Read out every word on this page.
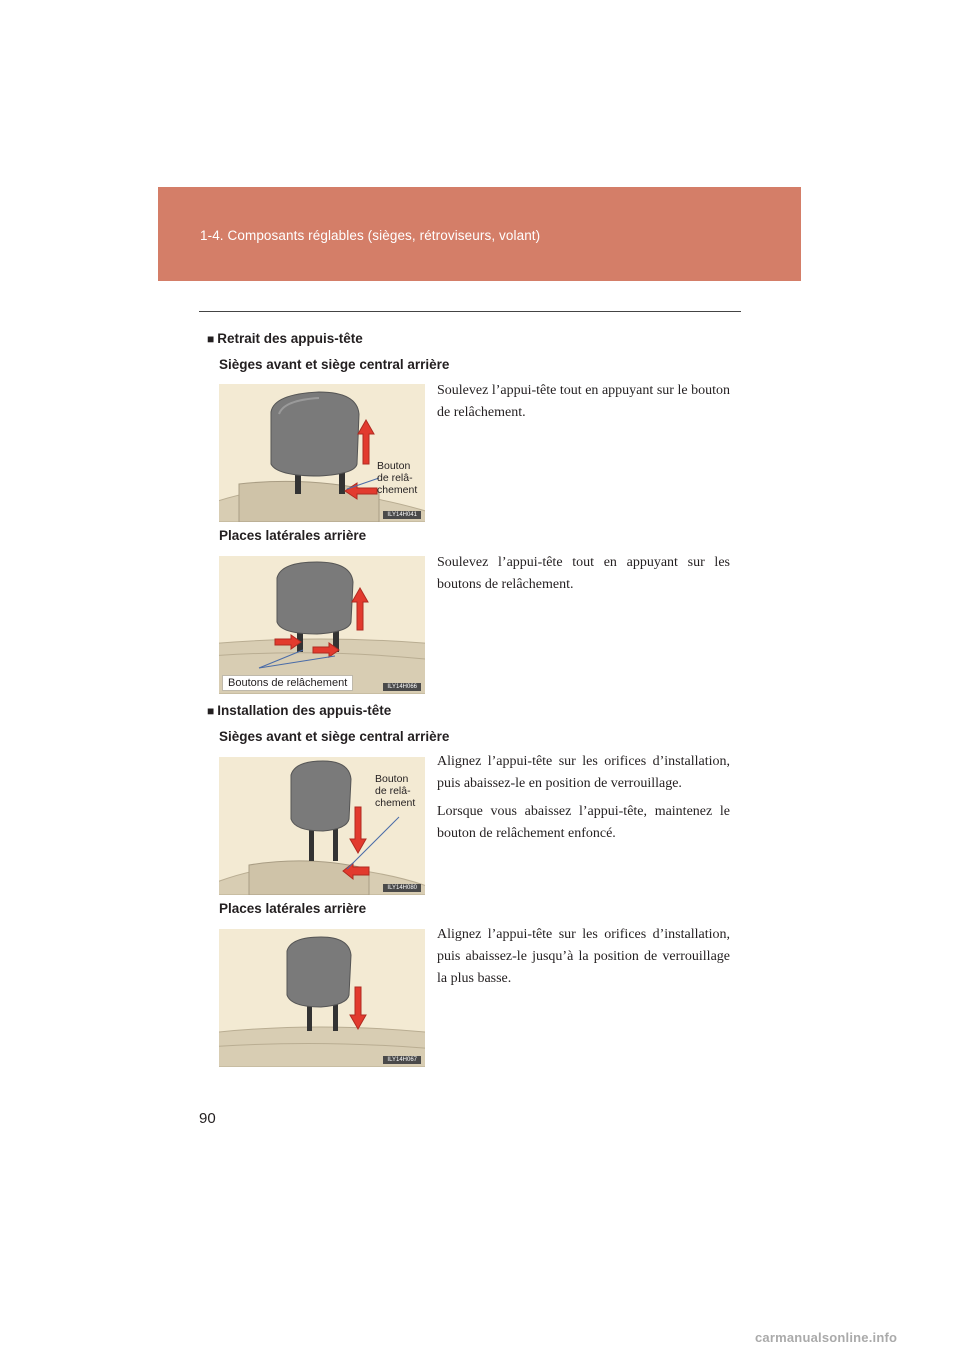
1-4. Composants réglables (sièges, rétroviseurs, volant)
■ Retrait des appuis-tête
Sièges avant et siège central arrière
Bouton
de relâ-
chement
ILY14H041

Soulevez l’appui-tête tout en appuyant sur le bouton de relâchement.

Places latérales arrière
Boutons de relâchement	ILY14H066

Soulevez l’appui-tête tout en appuyant sur les boutons de relâchement.

■ Installation des appuis-tête
Sièges avant et siège central arrière
Bouton
de relâ-
chement
ILY14H080

Alignez l’appui-tête sur les orifices d’installation, puis abaissez-le en position de verrouillage.

Lorsque vous abaissez l’appui-tête, maintenez le bouton de relâchement enfoncé.

Places latérales arrière
ILY14H067

Alignez l’appui-tête sur les orifices d’installation, puis abaissez-le jusqu’à la position de verrouillage la plus basse.

90
carmanualsonline.info
